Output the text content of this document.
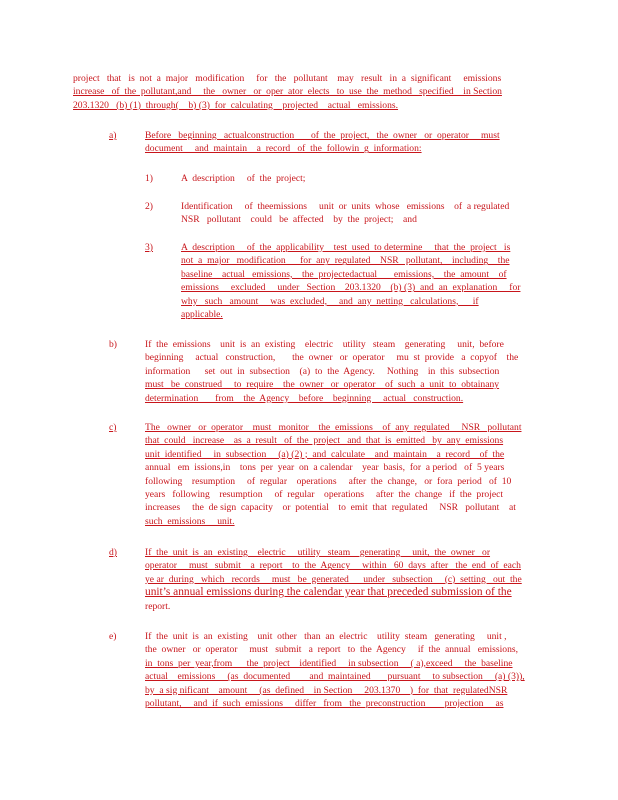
project   that   is  not  a  major   modification     for   the   pollutant    may   result   in  a  significant     emissions

increase   of  the  pollutant,and     the   owner   or  oper  ator  elects   to  use  the  method   specified    in Section

203.1320   (b) (1)  through(    b) (3)  for  calculating    projected    actual   emissions.

a)	Before   beginning   actualconstruction       of  the  project,   the  owner   or  operator     must

document     and  maintain    a  record   of  the  followin  g  information:

1)	A  description     of  the  project;

2)	Identification     of  theemissions     unit  or  units  whose   emissions    of  a regulated

NSR   pollutant    could   be  affected    by  the  project;    and

3)	A  description     of  the  applicability    test  used  to determine     that  the  project   is

not  a  major   modification      for  any  regulated    NSR   pollutant,    including    the

baseline    actual   emissions,    the  projectedactual       emissions,    the  amount    of

emissions     excluded     under   Section    203.1320    (b) (3)  and  an  explanation     for

why   such   amount     was  excluded,     and  any  netting   calculations,      if

applicable.

b)	If  the  emissions    unit  is  an  existing    electric    utility   steam    generating     unit,  before

beginning     actual   construction,       the  owner   or  operator     mu  st  provide   a  copyof    the

information      set  out  in  subsection    (a)  to  the  Agency.     Nothing    in  this  subsection

must   be  construed     to  require    the  owner   or  operator    of  such  a  unit  to  obtainany

determination       from    the  Agency    before    beginning     actual   construction.

c)	The   owner   or  operator    must   monitor    the  emissions    of  any  regulated     NSR   pollutant

that  could   increase    as  a  result   of  the  project   and  that  is  emitted   by  any  emissions

unit  identified     in  subsection     (a) (2) ;  and  calculate    and  maintain    a  record    of  the

annual   em  issions,in    tons  per  year  on  a calendar    year  basis,  for  a period   of  5 years

following    resumption     of  regular    operations     after  the  change,   or  fora  period   of  10

years   following    resumption     of  regular    operations     after  the  change   if  the  project

increases     the  de sign  capacity    or  potential    to  emit  that  regulated     NSR   pollutant    at

such  emissions     unit.

d)	If  the  unit  is  an  existing    electric     utility   steam    generating     unit,  the  owner   or

operator     must   submit    a  report    to  the  Agency     within   60  days  after   the  end  of  each

ye ar  during   which   records     must   be  generated      under   subsection     (c)  setting   out  the

unit’s annual emissions during the calendar year that preceded submission of the

report.

e)	If  the  unit  is  an  existing    unit  other   than  an  electric    utility  steam   generating     unit ,

the  owner   or  operator     must   submit   a  report   to  the  Agency     if  the  annual   emissions,

in  tons  per  year,from      the  project    identified     in subsection     ( a),exceed     the  baseline

actual    emissions     (as  documented        and  maintained       pursuant     to subsection     (a) (3)),

by  a sig nificant    amount     (as  defined    in Section     203.1370    )  for  that  regulatedNSR

pollutant,     and  if  such  emissions     differ   from   the  preconstruction        projection     as
